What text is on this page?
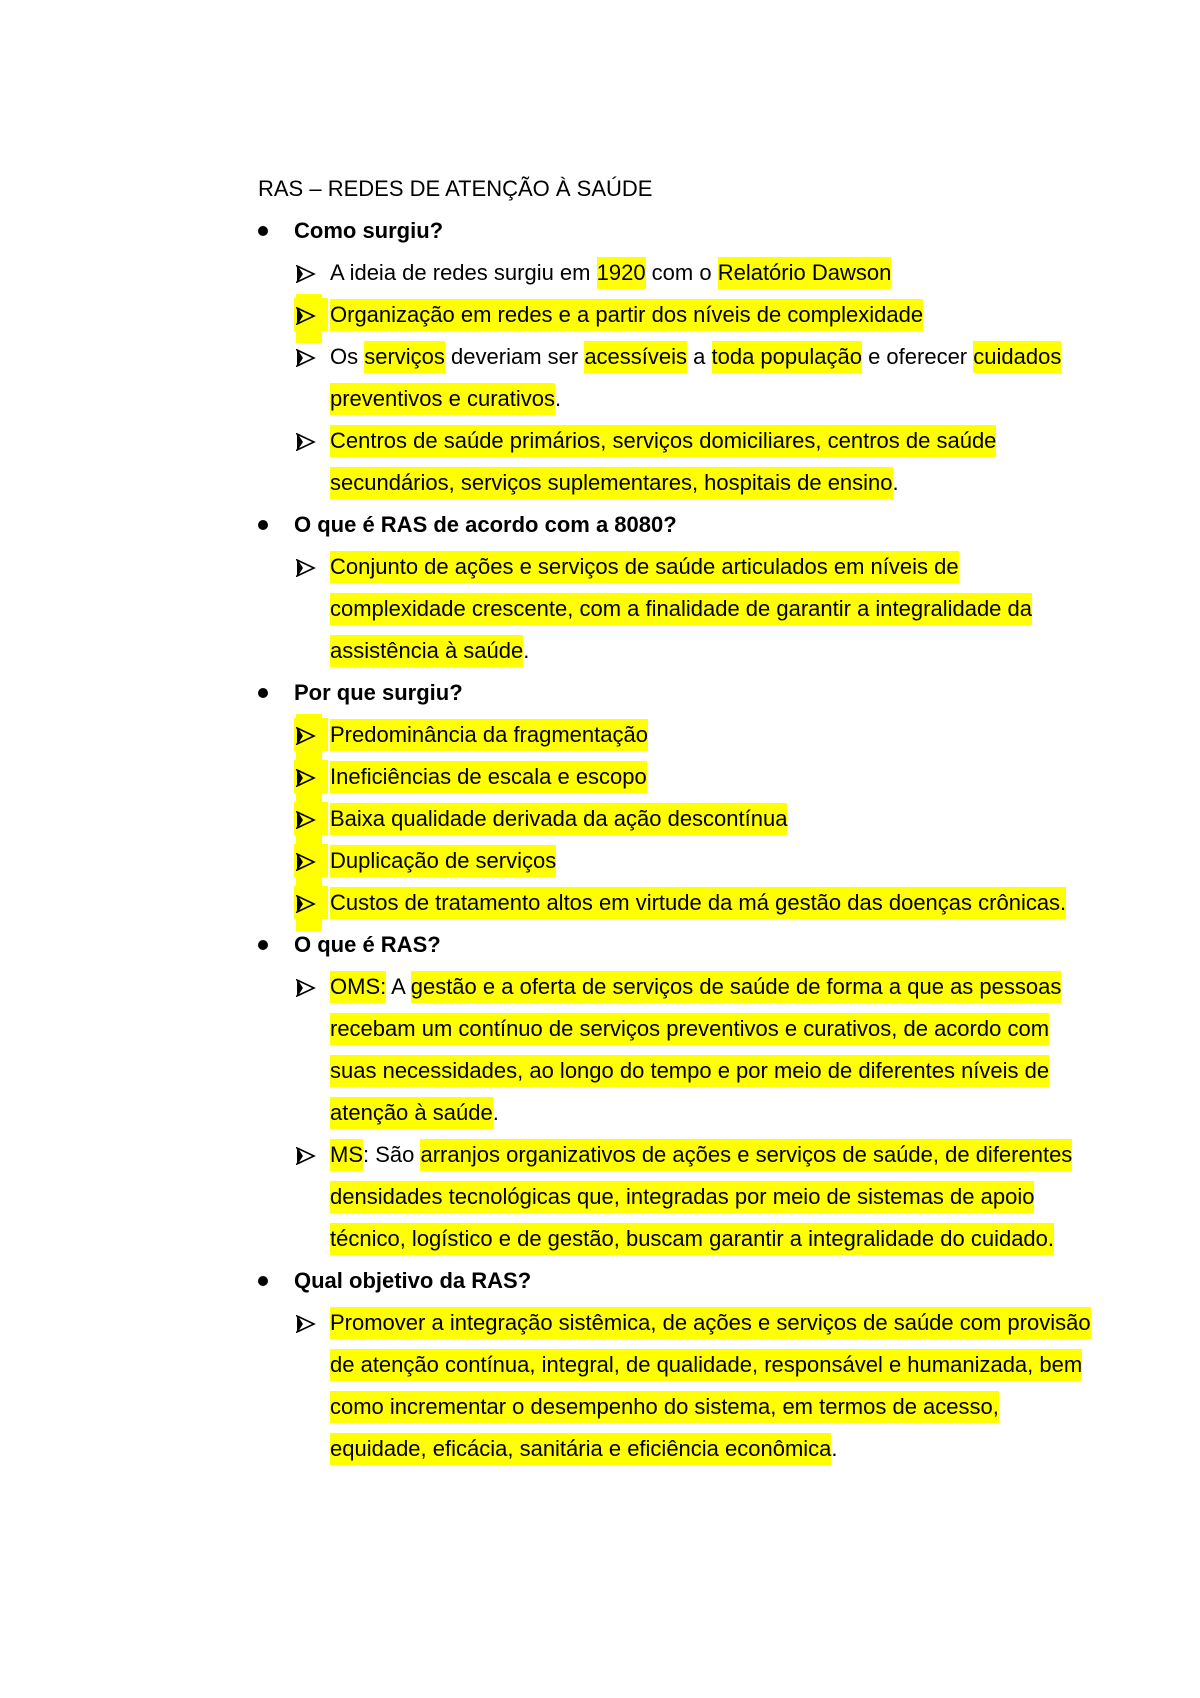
RAS – REDES DE ATENÇÃO À SAÚDE
Como surgiu?
A ideia de redes surgiu em 1920 com o Relatório Dawson
Organização em redes e a partir dos níveis de complexidade
Os serviços deveriam ser acessíveis a toda população e oferecer cuidados preventivos e curativos.
Centros de saúde primários, serviços domiciliares, centros de saúde secundários, serviços suplementares, hospitais de ensino.
O que é RAS de acordo com a 8080?
Conjunto de ações e serviços de saúde articulados em níveis de complexidade crescente, com a finalidade de garantir a integralidade da assistência à saúde.
Por que surgiu?
Predominância da fragmentação
Ineficiências de escala e escopo
Baixa qualidade derivada da ação descontínua
Duplicação de serviços
Custos de tratamento altos em virtude da má gestão das doenças crônicas.
O que é RAS?
OMS: A gestão e a oferta de serviços de saúde de forma a que as pessoas recebam um contínuo de serviços preventivos e curativos, de acordo com suas necessidades, ao longo do tempo e por meio de diferentes níveis de atenção à saúde.
MS: São arranjos organizativos de ações e serviços de saúde, de diferentes densidades tecnológicas que, integradas por meio de sistemas de apoio técnico, logístico e de gestão, buscam garantir a integralidade do cuidado.
Qual objetivo da RAS?
Promover a integração sistêmica, de ações e serviços de saúde com provisão de atenção contínua, integral, de qualidade, responsável e humanizada, bem como incrementar o desempenho do sistema, em termos de acesso, equidade, eficácia, sanitária e eficiência econômica.
